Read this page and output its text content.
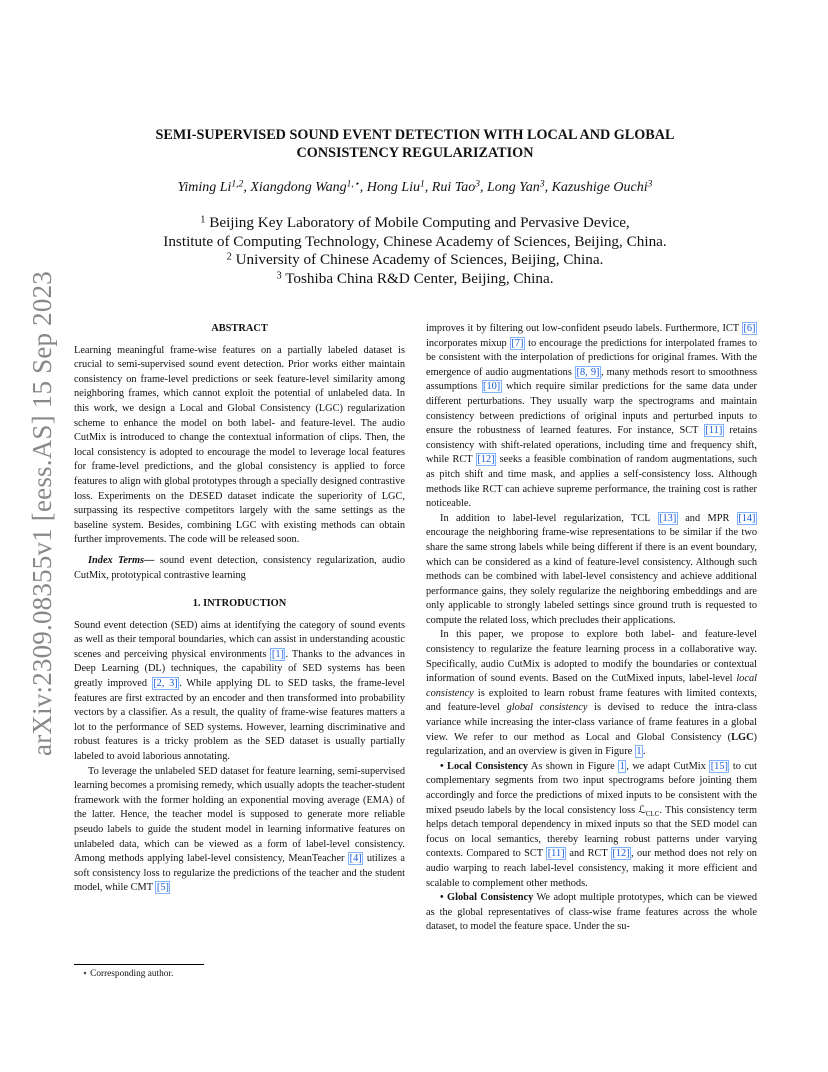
arXiv:2309.08355v1 [eess.AS] 15 Sep 2023
SEMI-SUPERVISED SOUND EVENT DETECTION WITH LOCAL AND GLOBAL
CONSISTENCY REGULARIZATION
Yiming Li$^{1,2}$, Xiangdong Wang$^{1,⋆}$, Hong Liu$^1$, Rui Tao$^3$, Long Yan$^3$, Kazushige Ouchi$^3$
$^1$ Beijing Key Laboratory of Mobile Computing and Pervasive Device,
Institute of Computing Technology, Chinese Academy of Sciences, Beijing, China.
$^2$ University of Chinese Academy of Sciences, Beijing, China.
$^3$ Toshiba China R&D Center, Beijing, China.
ABSTRACT

Learning meaningful frame-wise features on a partially labeled dataset is crucial to semi-supervised sound event detection. Prior works either maintain consistency on frame-level predictions or seek feature-level similarity among neighboring frames, which cannot exploit the potential of unlabeled data. In this work, we design a Local and Global Consistency (LGC) regularization scheme to enhance the model on both label- and feature-level. The audio CutMix is introduced to change the contextual information of clips. Then, the local consistency is adopted to encourage the model to leverage local features for frame-level predictions, and the global consistency is applied to force features to align with global prototypes through a specially designed contrastive loss. Experiments on the DESED dataset indicate the superiority of LGC, surpassing its respective competitors largely with the same settings as the baseline system. Besides, combining LGC with existing methods can obtain further improvements. The code will be released soon.

Index Terms— sound event detection, consistency regularization, audio CutMix, prototypical contrastive learning

1. INTRODUCTION

Sound event detection (SED) aims at identifying the category of sound events as well as their temporal boundaries, which can assist in understanding acoustic scenes and perceiving physical environments [1] . Thanks to the advances in Deep Learning (DL) techniques, the capability of SED systems has been greatly improved [2, 3] . While applying DL to SED tasks, the frame-level features are first extracted by an encoder and then transformed into probability vectors by a classifier. As a result, the quality of frame-wise features matters a lot to the performance of SED systems. However, learning discriminative and robust features is a tricky problem as the SED dataset is usually partially labeled to avoid laborious annotating.

To leverage the unlabeled SED dataset for feature learning, semi-supervised learning becomes a promising remedy, which usually adopts the teacher-student framework with the former holding an exponential moving average (EMA) of the latter. Hence, the teacher model is supposed to generate more reliable pseudo labels to guide the student model in learning informative features on unlabeled data, which can be viewed as a form of label-level consistency. Among methods applying label-level consistency, MeanTeacher [4] utilizes a soft consistency loss to regularize the predictions of the teacher and the student model, while CMT [5]

improves it by filtering out low-confident pseudo labels. Furthermore, ICT [6] incorporates mixup [7] to encourage the predictions for interpolated frames to be consistent with the interpolation of predictions for original frames. With the emergence of audio augmentations [8, 9] , many methods resort to smoothness assumptions [10] which require similar predictions for the same data under different perturbations. They usually warp the spectrograms and maintain consistency between predictions of original inputs and perturbed inputs to ensure the robustness of learned features. For instance, SCT [11] retains consistency with shift-related operations, including time and frequency shift, while RCT [12] seeks a feasible combination of random augmentations, such as pitch shift and time mask, and applies a self-consistency loss. Although methods like RCT can achieve supreme performance, the training cost is rather noticeable.

In addition to label-level regularization, TCL [13] and MPR [14] encourage the neighboring frame-wise representations to be similar if the two share the same strong labels while being different if there is an event boundary, which can be considered as a kind of feature-level consistency. Although such methods can be combined with label-level consistency and achieve additional performance gains, they solely regularize the neighboring embeddings and are only applicable to strongly labeled settings since ground truth is requested to compute the related loss, which precludes their applications.

In this paper, we propose to explore both label- and feature-level consistency to regularize the feature learning process in a collaborative way. Specifically, audio CutMix is adopted to modify the boundaries or contextual information of sound events. Based on the CutMixed inputs, label-level local consistency is exploited to learn robust frame features with limited contexts, and feature-level global consistency is devised to reduce the intra-class variance while increasing the inter-class variance of frame features in a global view. We refer to our method as Local and Global Consistency (LGC) regularization, and an overview is given in Figure 1 .

• Local Consistency As shown in Figure 1 , we adapt CutMix [15] to cut complementary segments from two input spectrograms before jointing them accordingly and force the predictions of mixed inputs to be consistent with the mixed pseudo labels by the local consistency loss ℒ$_{CLC}$. This consistency term helps detach temporal dependency in mixed inputs so that the SED model can focus on local semantics, thereby learning robust patterns under varying contexts. Compared to SCT [11] and RCT [12] , our method does not rely on audio warping to reach label-level consistency, making it more efficient and scalable to complement other methods.

• Global Consistency We adopt multiple prototypes, which can be viewed as the global representatives of class-wise frame features across the whole dataset, to model the feature space. Under the su-

⋆ Corresponding author.
